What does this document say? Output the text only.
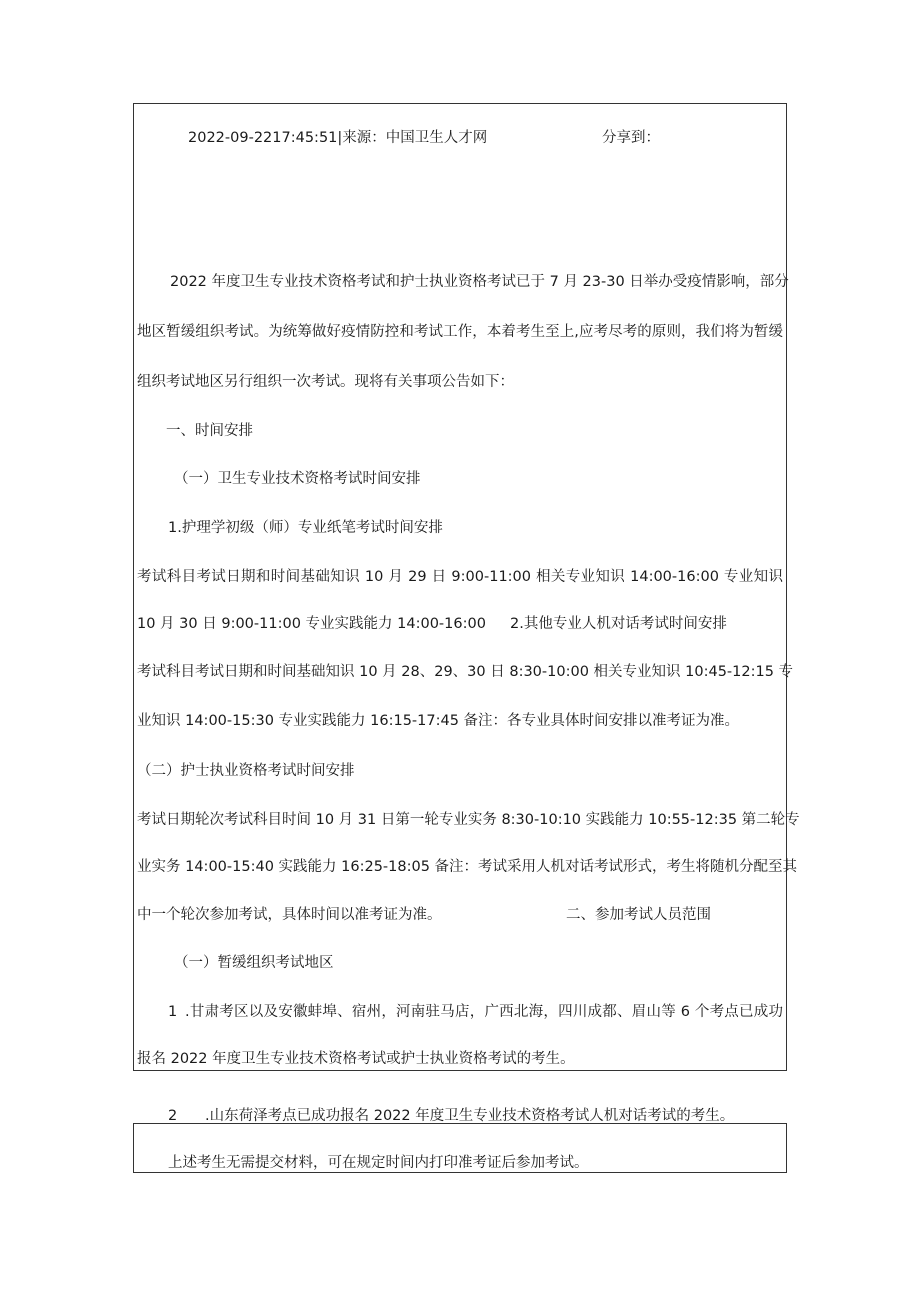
2022-09-2217:45:51|来源：中国卫生人才网	分享到：
2022 年度卫生专业技术资格考试和护士执业资格考试已于 7 月 23-30 日举办受疫情影响，部分
地区暂缓组织考试。为统筹做好疫情防控和考试工作，本着考生至上,应考尽考的原则，我们将为暂缓
组织考试地区另行组织一次考试。现将有关事项公告如下：
一、时间安排
（一）卫生专业技术资格考试时间安排
1.护理学初级（师）专业纸笔考试时间安排
考试科目考试日期和时间基础知识 10 月 29 日 9:00-11:00 相关专业知识 14:00-16:00 专业知识
10 月 30 日 9:00-11:00 专业实践能力 14:00-16:00 2.其他专业人机对话考试时间安排
考试科目考试日期和时间基础知识 10 月 28、29、30 日 8:30-10:00 相关专业知识 10:45-12:15 专
业知识 14:00-15:30 专业实践能力 16:15-17:45 备注：各专业具体时间安排以准考证为准。
（二）护士执业资格考试时间安排
考试日期轮次考试科目时间 10 月 31 日第一轮专业实务 8:30-10:10 实践能力 10:55-12:35 第二轮专
业实务 14:00-15:40 实践能力 16:25-18:05 备注：考试采用人机对话考试形式，考生将随机分配至其
中一个轮次参加考试，具体时间以准考证为准。	二、参加考试人员范围
（一）暂缓组织考试地区
1 .甘肃考区以及安徽蚌埠、宿州，河南驻马店，广西北海，四川成都、眉山等 6 个考点已成功
报名 2022 年度卫生专业技术资格考试或护士执业资格考试的考生。
2 .山东荷泽考点已成功报名 2022 年度卫生专业技术资格考试人机对话考试的考生。
上述考生无需提交材料，可在规定时间内打印准考证后参加考试。
